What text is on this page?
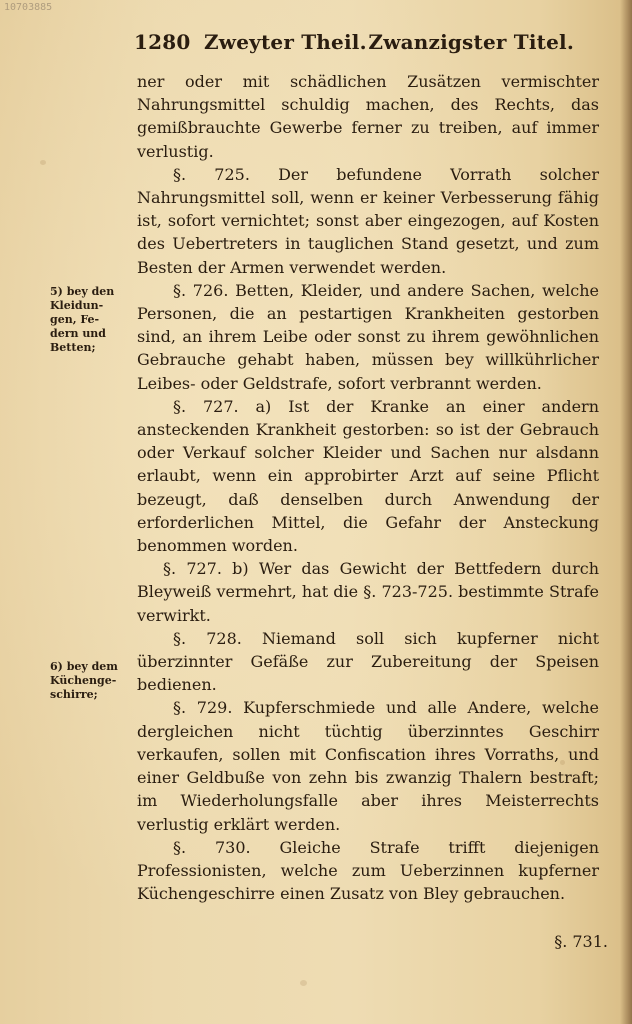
10703885
1280 Zweyter Theil. Zwanzigster Titel.
5) bey den
Kleidun-
gen, Fe-
dern und
Betten;
6) bey dem
Küchenge-
schirre;

ner oder mit schädlichen Zusätzen vermischter Nahrungsmittel schuldig machen, des Rechts, das gemißbrauchte Gewerbe ferner zu treiben, auf immer verlustig.

§. 725. Der befundene Vorrath solcher Nahrungsmittel soll, wenn er keiner Verbesserung fähig ist, sofort vernichtet; sonst aber eingezogen, auf Kosten des Uebertreters in tauglichen Stand gesetzt, und zum Besten der Armen verwendet werden.

§. 726. Betten, Kleider, und andere Sachen, welche Personen, die an pestartigen Krankheiten gestorben sind, an ihrem Leibe oder sonst zu ihrem gewöhnlichen Gebrauche gehabt haben, müssen bey willkührlicher Leibes- oder Geldstrafe, sofort verbrannt werden.

§. 727. a) Ist der Kranke an einer andern ansteckenden Krankheit gestorben: so ist der Gebrauch oder Verkauf solcher Kleider und Sachen nur alsdann erlaubt, wenn ein approbirter Arzt auf seine Pflicht bezeugt, daß denselben durch Anwendung der erforderlichen Mittel, die Gefahr der Ansteckung benommen worden.

§. 727. b) Wer das Gewicht der Bettfedern durch Bleyweiß vermehrt, hat die §. 723-725. bestimmte Strafe verwirkt.

§. 728. Niemand soll sich kupferner nicht überzinnter Gefäße zur Zubereitung der Speisen bedienen.

§. 729. Kupferschmiede und alle Andere, welche dergleichen nicht tüchtig überzinntes Geschirr verkaufen, sollen mit Confiscation ihres Vorraths, und einer Geldbuße von zehn bis zwanzig Thalern bestraft; im Wiederholungsfalle aber ihres Meisterrechts verlustig erklärt werden.

§. 730. Gleiche Strafe trifft diejenigen Professionisten, welche zum Ueberzinnen kupferner Küchengeschirre einen Zusatz von Bley gebrauchen.

§. 731.
